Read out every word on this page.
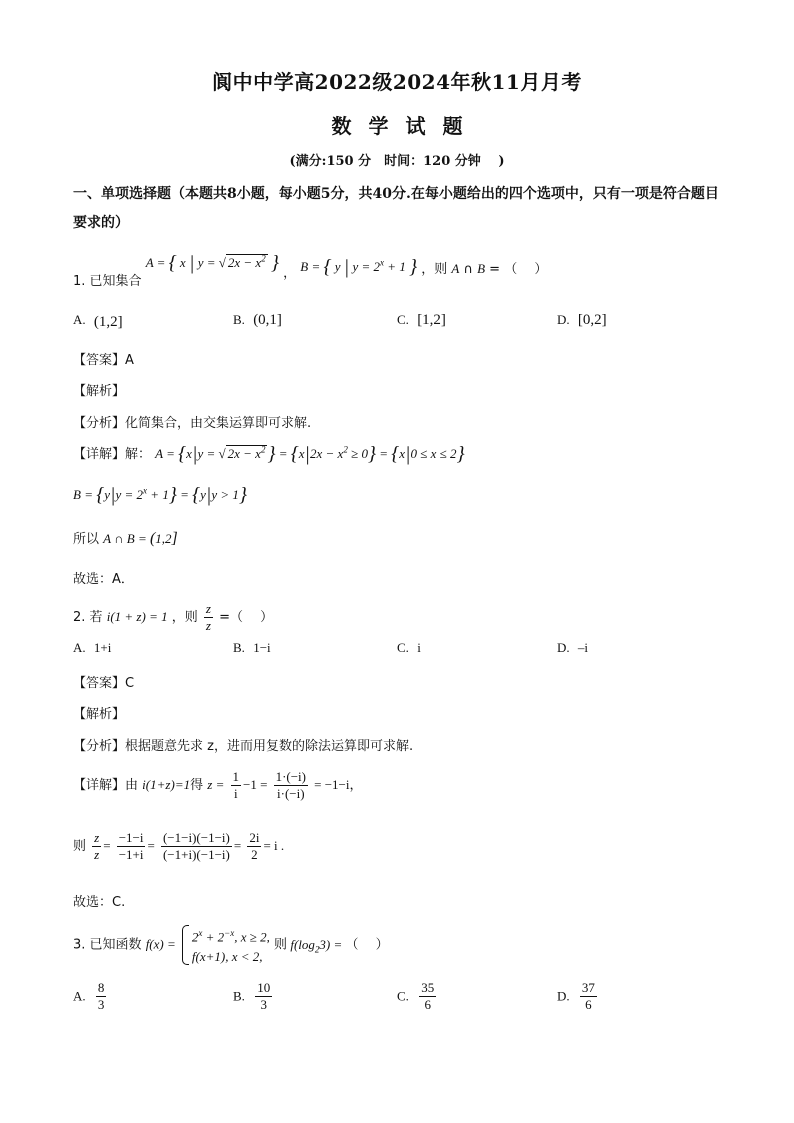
阆中中学高2022级2024年秋11月月考
数 学 试 题
(满分:150 分　时间：120 分钟　 )
一、单项选择题（本题共8小题，每小题5分，共40分.在每小题给出的四个选项中，只有一项是符合题目要求的）
1. 已知集合 A = { x | y = √ $2x - x^2$ } ， B = { y | $y = 2^x + 1$ } ，则 A ∩ B = （　 ）
A. (1,2]	B. (0,1]	C. [1,2]	D. [0,2]
【答案】A
【解析】
【分析】化简集合，由交集运算即可求解.
【详解】解： A = {x|y = √ $2x - x^2$ } = $\{x|2x - x^2 \ge 0\} = \{x|0 \le x \le 2\}$
$B = \{y|y = 2^x + 1\} = \{y|y > 1\}$
所以 A ∩ B = (1,2]
故选：A．
2. 若 i(1 + z) = 1 ，则 $\frac{z}{z}$ =（　 ）
A. 1+i	B. 1−i	C. i	D. –i
【答案】C
【解析】
【分析】根据题意先求 z，进而用复数的除法运算即可求解.
【详解】由 i(1+z)=1得 $z = \frac{1}{i} -1 = \frac{1\cdot(-i)}{i\cdot(-i)} = -1-i$，
则 $\frac{z}{z} = \frac{-1-i}{-1+i} = \frac{(-1-i)(-1-i)}{(-1+i)(-1-i)} = \frac{2i}{2} = i$ .
故选：C.
3. 已知函数 $f(x) = 2^x + 2^{-x}$, x ≥ 2,
f(x+1), x < 2,
则 $f(\log_23)$ = （　 ）
A. $\frac{8}{3}$	B. $\frac{10}{3}$	C. $\frac{35}{6}$	D. $\frac{37}{6}$
